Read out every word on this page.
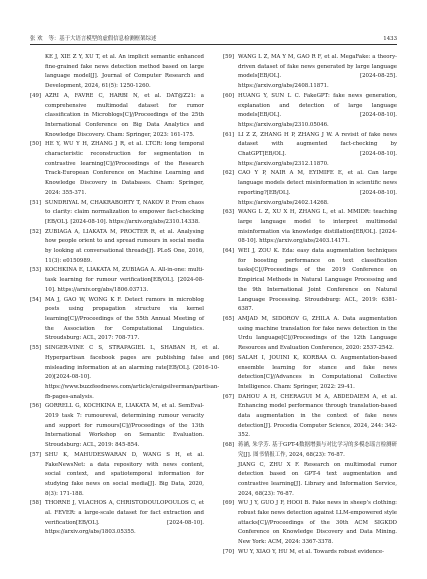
张 欢 等：基于大语言模型的虚假信息检测框架综述	1433
KE J, XIE Z Y, XU T, et al. An implicit semantic enhanced fine-grained fake news detection method based on large language model[J]. Journal of Computer Research and Development, 2024, 61(5): 1250-1260.
[49] AZRI A, FAVRE C, HARBI N, et al. DAT@Z21: a comprehensive multimodal dataset for rumor classification in Microblogs[C]//Proceedings of the 25th International Conference on Big Data Analytics and Knowledge Discovery. Cham: Springer, 2023: 161-175.
[50] HE Y, WU Y H, ZHANG J R, et al. LTCR: long temporal characteristic reconstruction for segmentation in contrastive learning[C]//Proceedings of the Research Track-European Conference on Machine Learning and Knowledge Discovery in Databases. Cham: Springer, 2024: 355-371.
[51] SUNDRIYAL M, CHAKRABORTY T, NAKOV P. From chaos to clarity: claim normalization to empower fact-checking [EB/OL]. [2024-08-10]. https://arxiv.org/abs/2310.14338.
[52] ZUBIAGA A, LIAKATA M, PROCTER R, et al. Analysing how people orient to and spread rumours in social media by looking at conversational threads[J]. PLoS One, 2016, 11(3): e0150989.
[53] KOCHKINA E, LIAKATA M, ZUBIAGA A. All-in-one: multi-task learning for rumour verification[EB/OL]. [2024-08-10]. https://arxiv.org/abs/1806.03713.
[54] MA J, GAO W, WONG K F. Detect rumors in microblog posts using propagation structure via kernel learning[C]//Proceedings of the 55th Annual Meeting of the Association for Computational Linguistics. Stroudsburg: ACL, 2017: 708-717.
[55] SINGER-VINE C S, STRAPAGIEL L, SHABAN H, et al. Hyperpartisan facebook pages are publishing false and misleading information at an alarming rate[EB/OL]. (2016-10-20)[2024-08-10]. https://www.buzzfeednews.com/article/craigsilverman/partisan-fb-pages-analysis.
[56] GORRELL G, KOCHKINA E, LIAKATA M, et al. SemEval-2019 task 7: rumoureval, determining rumour veracity and support for rumours[C]//Proceedings of the 13th International Workshop on Semantic Evaluation. Stroudsburg: ACL, 2019: 845-854.
[57] SHU K, MAHUDESWARAN D, WANG S H, et al. FakeNewsNet: a data repository with news content, social context, and spatiotemporal information for studying fake news on social media[J]. Big Data, 2020, 8(3): 171-188.
[58] THORNE J, VLACHOS A, CHRISTODOULOPOULOS C, et al. FEVER: a large-scale dataset for fact extraction and verification[EB/OL]. [2024-08-10]. https://arxiv.org/abs/1803.05355.
[59] WANG L Z, MA Y M, GAO R F, et al. MegaFake: a theory-driven dataset of fake news generated by large language models[EB/OL]. [2024-08-25]. https://arxiv.org/abs/2408.11871.
[60] HUANG Y, SUN L C. FakeGPT: fake news generation, explanation and detection of large language models[EB/OL]. [2024-08-10]. https://arxiv.org/abs/2310.05046.
[61] LI Z Z, ZHANG H P, ZHANG J W. A revisit of fake news dataset with augmented fact-checking by ChatGPT[EB/OL]. [2024-08-10]. https://arxiv.org/abs/2312.11870.
[62] CAO Y P, NAIR A M, EYIMIFE E, et al. Can large language models detect misinformation in scientific news reporting?[EB/OL]. [2024-08-10]. https://arxiv.org/abs/2402.14268.
[63] WANG L Z, XU X H, ZHANG L, et al. MMIDR: teaching large language model to interpret multimodal misinformation via knowledge distillation[EB/OL]. [2024-08-10]. https://arxiv.org/abs/2403.14171.
[64] WEI J, ZOU K. Eda: easy data augmentation techniques for boosting performance on text classification tasks[C]//Proceedings of the 2019 Conference on Empirical Methods in Natural Language Processing and the 9th International Joint Conference on Natural Language Processing. Stroudsburg: ACL, 2019: 6381-6387.
[65] AMJAD M, SIDOROV G, ZHILA A. Data augmentation using machine translation for fake news detection in the Urdu language[C]//Proceedings of the 12th Language Resources and Evaluation Conference, 2020: 2537-2542.
[66] SALAH I, JOUINI K, KORBAA O. Augmentation-based ensemble learning for stance and fake news detection[C]//Advances in Computational Collective Intelligence. Cham: Springer, 2022: 29-41.
[67] DAHOU A H, CHERAGUI M A, ABDEDAIEM A, et al. Enhancing model performance through translation-based data augmentation in the context of fake news detection[J]. Procedia Computer Science, 2024, 244: 342-352.
[68] 蒋涵, 朱学芳. 基于GPT-4数据增强与对比学习的多模态谣言检测研究[J]. 图书情报工作, 2024, 68(23): 76-87.
JIANG C, ZHU X F. Research on multimodal rumor detection based on GPT-4 text augmentation and contrastive learning[J]. Library and Information Service, 2024, 68(23): 76-87.
[69] WU J Y, GUO J F, HOOI B. Fake news in sheep’s clothing: robust fake news detection against LLM-empowered style attacks[C]//Proceedings of the 30th ACM SIGKDD Conference on Knowledge Discovery and Data Mining. New York: ACM, 2024: 3367-3378.
[70] WU Y, XIAO Y, HU M, et al. Towards robust evidence-
